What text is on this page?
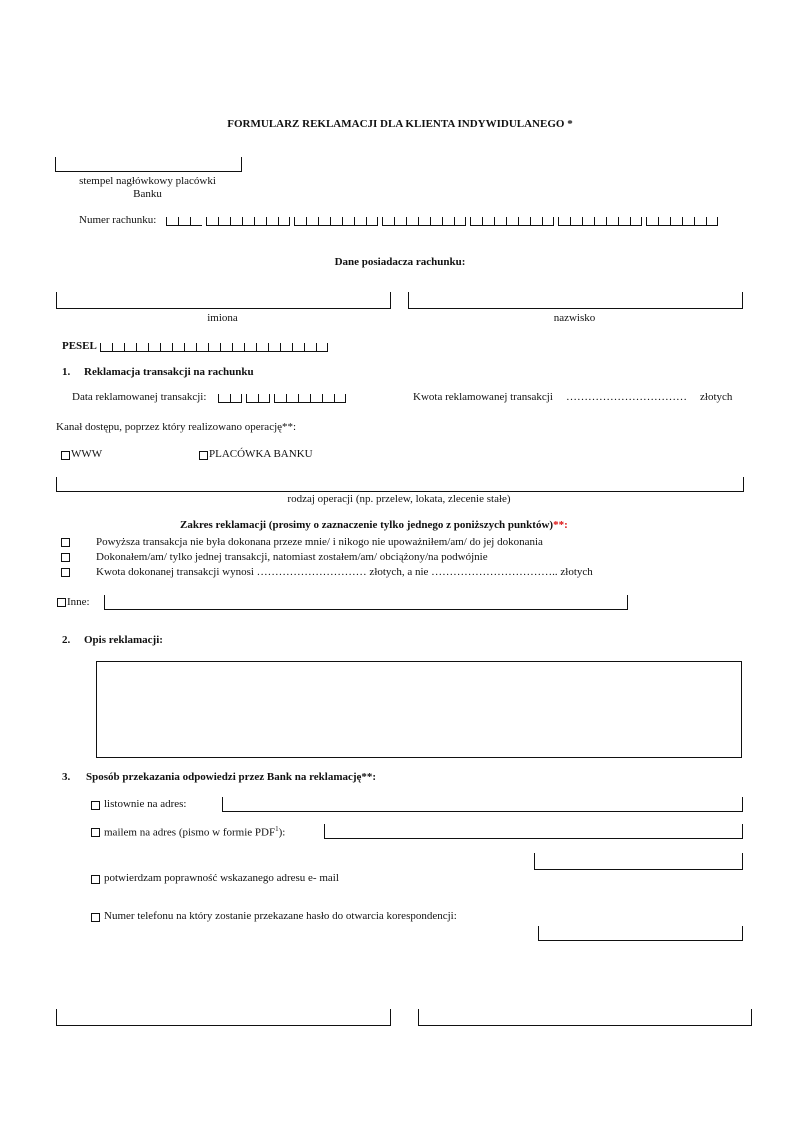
FORMULARZ REKLAMACJI DLA KLIENTA INDYWIDULANEGO *
stempel nagłówkowy placówki
Banku
Numer rachunku:
Dane posiadacza rachunku:
imiona	nazwisko
PESEL
1. Reklamacja transakcji na rachunku
Data reklamowanej transakcji:	Kwota reklamowanej transakcji …………………………… złotych
Kanał dostępu, poprzez który realizowano operację**:
WWW	PLACÓWKA BANKU
rodzaj operacji (np. przelew, lokata, zlecenie stałe)
Zakres reklamacji (prosimy o zaznaczenie tylko jednego z poniższych punktów)**:
Powyższa transakcja nie była dokonana przeze mnie/ i nikogo nie upoważniłem/am/ do jej dokonania
Dokonałem/am/ tylko jednej transakcji, natomiast zostałem/am/ obciążony/na podwójnie
Kwota dokonanej transakcji wynosi ………………………… złotych, a nie …………………………….. złotych
Inne:
2. Opis reklamacji:
3. Sposób przekazania odpowiedzi przez Bank na reklamację**:
listownie na adres:
mailem na adres (pismo w formie PDF$^1$):
potwierdzam poprawność wskazanego adresu e- mail
Numer telefonu na który zostanie przekazane hasło do otwarcia korespondencji:
